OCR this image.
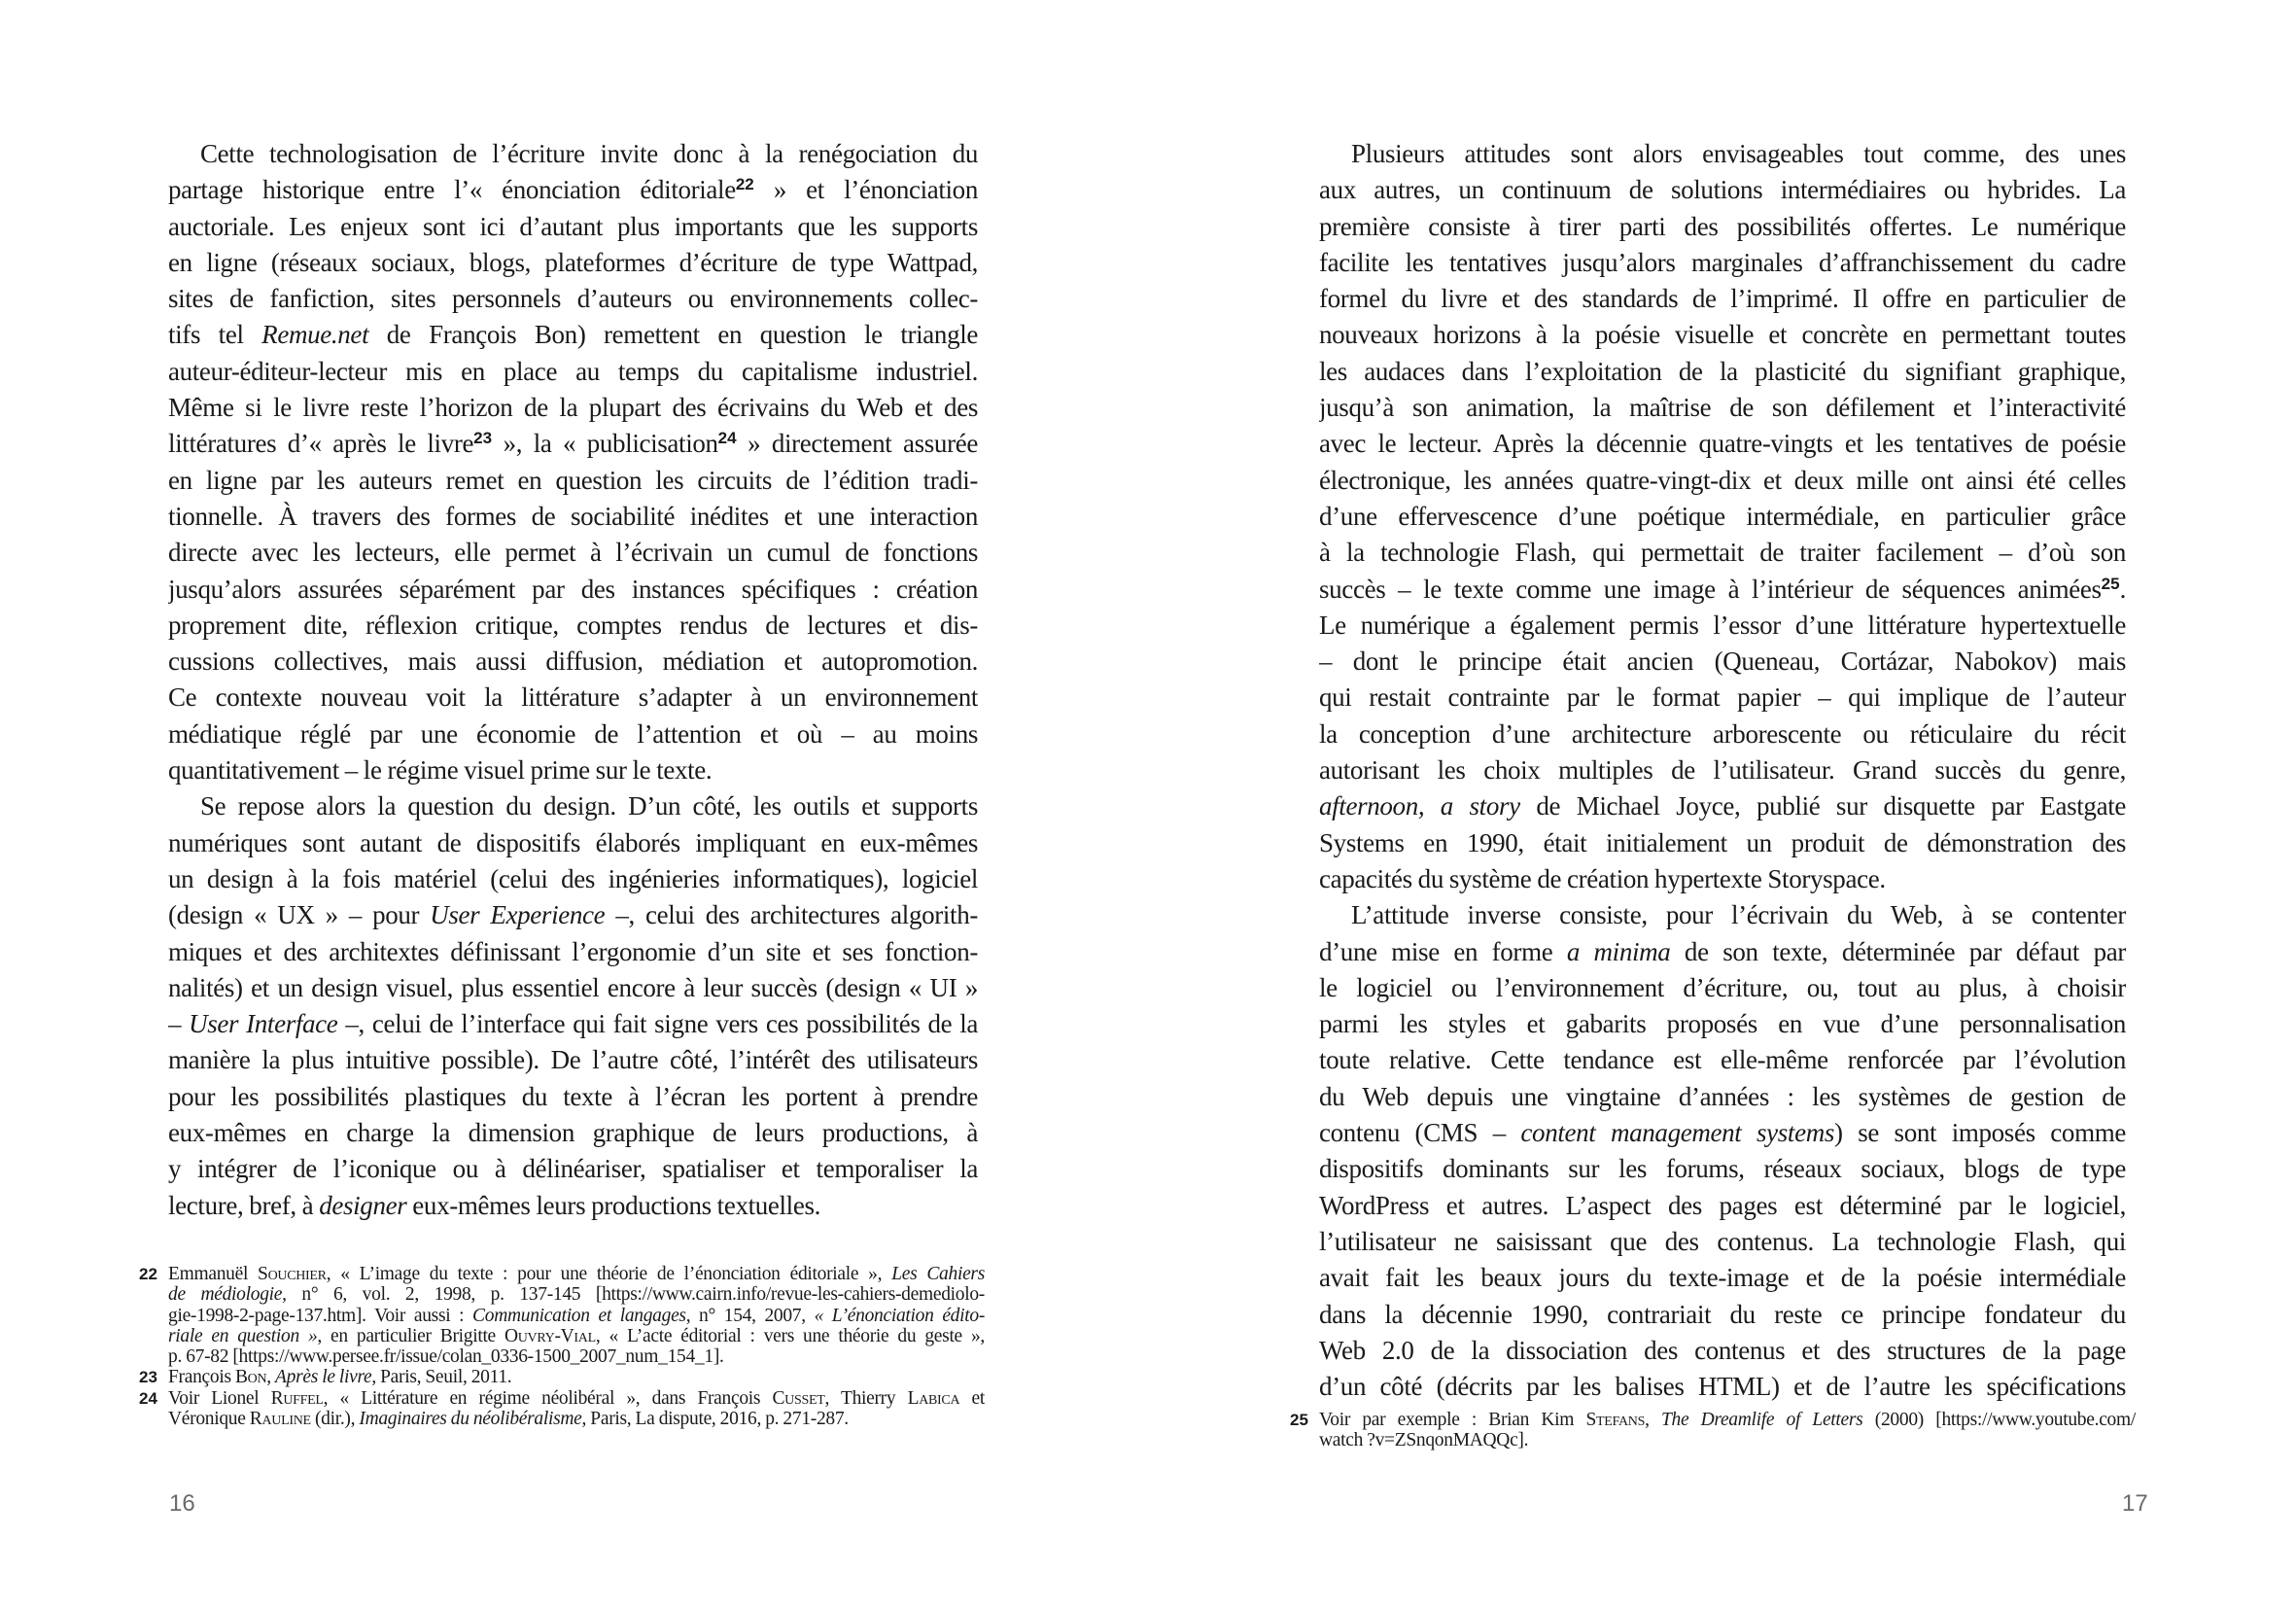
Cette technologisation de l’écriture invite donc à la renégociation du
partage historique entre l’« énonciation éditoriale$^{22}$ » et l’énonciation
auctoriale. Les enjeux sont ici d’autant plus importants que les supports
en ligne (réseaux sociaux, blogs, plateformes d’écriture de type Wattpad,
sites de fanfiction, sites personnels d’auteurs ou environnements collec-
tifs tel Remue.net de François Bon) remettent en question le triangle
auteur-éditeur-lecteur mis en place au temps du capitalisme industriel.
Même si le livre reste l’horizon de la plupart des écrivains du Web et des
littératures d’« après le livre$^{23}$ », la « publicisation$^{24}$ » directement assurée
en ligne par les auteurs remet en question les circuits de l’édition tradi-
tionnelle. À travers des formes de sociabilité inédites et une interaction
directe avec les lecteurs, elle permet à l’écrivain un cumul de fonctions
jusqu’alors assurées séparément par des instances spécifiques : création
proprement dite, réflexion critique, comptes rendus de lectures et dis-
cussions collectives, mais aussi diffusion, médiation et autopromotion.
Ce contexte nouveau voit la littérature s’adapter à un environnement
médiatique réglé par une économie de l’attention et où – au moins
quantitativement – le régime visuel prime sur le texte.
Se repose alors la question du design. D’un côté, les outils et supports
numériques sont autant de dispositifs élaborés impliquant en eux-mêmes
un design à la fois matériel (celui des ingénieries informatiques), logiciel
(design « UX » – pour User Experience –, celui des architectures algorith-
miques et des architextes définissant l’ergonomie d’un site et ses fonction-
nalités) et un design visuel, plus essentiel encore à leur succès (design « UI »
– User Interface –, celui de l’interface qui fait signe vers ces possibilités de la
manière la plus intuitive possible). De l’autre côté, l’intérêt des utilisateurs
pour les possibilités plastiques du texte à l’écran les portent à prendre
eux-mêmes en charge la dimension graphique de leurs productions, à
y intégrer de l’iconique ou à délinéariser, spatialiser et temporaliser la
lecture, bref, à designer eux-mêmes leurs productions textuelles.
22 Emmanuël Souchier, « L’image du texte : pour une théorie de l’énonciation éditoriale », Les Cahiers
de médiologie, n° 6, vol. 2, 1998, p. 137-145 [https://www.cairn.info/revue-les-cahiers-demediolo-
gie-1998-2-page-137.htm]. Voir aussi : Communication et langages, n° 154, 2007, « L’énonciation édito-
riale en question », en particulier Brigitte Ouvry-Vial, « L’acte éditorial : vers une théorie du geste »,
p. 67-82 [https://www.persee.fr/issue/colan_0336-1500_2007_num_154_1].
23 François Bon, Après le livre, Paris, Seuil, 2011.
24 Voir Lionel Ruffel, « Littérature en régime néolibéral », dans François Cusset, Thierry Labica et
Véronique Rauline (dir.), Imaginaires du néolibéralisme, Paris, La dispute, 2016, p. 271-287.
16
Plusieurs attitudes sont alors envisageables tout comme, des unes
aux autres, un continuum de solutions intermédiaires ou hybrides. La
première consiste à tirer parti des possibilités offertes. Le numérique
facilite les tentatives jusqu’alors marginales d’affranchissement du cadre
formel du livre et des standards de l’imprimé. Il offre en particulier de
nouveaux horizons à la poésie visuelle et concrète en permettant toutes
les audaces dans l’exploitation de la plasticité du signifiant graphique,
jusqu’à son animation, la maîtrise de son défilement et l’interactivité
avec le lecteur. Après la décennie quatre-vingts et les tentatives de poésie
électronique, les années quatre-vingt-dix et deux mille ont ainsi été celles
d’une effervescence d’une poétique intermédiale, en particulier grâce
à la technologie Flash, qui permettait de traiter facilement – d’où son
succès – le texte comme une image à l’intérieur de séquences animées$^{25}$.
Le numérique a également permis l’essor d’une littérature hypertextuelle
– dont le principe était ancien (Queneau, Cortázar, Nabokov) mais
qui restait contrainte par le format papier – qui implique de l’auteur
la conception d’une architecture arborescente ou réticulaire du récit
autorisant les choix multiples de l’utilisateur. Grand succès du genre,
afternoon, a story de Michael Joyce, publié sur disquette par Eastgate
Systems en 1990, était initialement un produit de démonstration des
capacités du système de création hypertexte Storyspace.
L’attitude inverse consiste, pour l’écrivain du Web, à se contenter
d’une mise en forme a minima de son texte, déterminée par défaut par
le logiciel ou l’environnement d’écriture, ou, tout au plus, à choisir
parmi les styles et gabarits proposés en vue d’une personnalisation
toute relative. Cette tendance est elle-même renforcée par l’évolution
du Web depuis une vingtaine d’années : les systèmes de gestion de
contenu (CMS – content management systems) se sont imposés comme
dispositifs dominants sur les forums, réseaux sociaux, blogs de type
WordPress et autres. L’aspect des pages est déterminé par le logiciel,
l’utilisateur ne saisissant que des contenus. La technologie Flash, qui
avait fait les beaux jours du texte-image et de la poésie intermédiale
dans la décennie 1990, contrariait du reste ce principe fondateur du
Web 2.0 de la dissociation des contenus et des structures de la page
d’un côté (décrits par les balises HTML) et de l’autre les spécifications
25 Voir par exemple : Brian Kim Stefans, The Dreamlife of Letters (2000) [https://www.youtube.com/
watch ?v=ZSnqonMAQQc].
17
